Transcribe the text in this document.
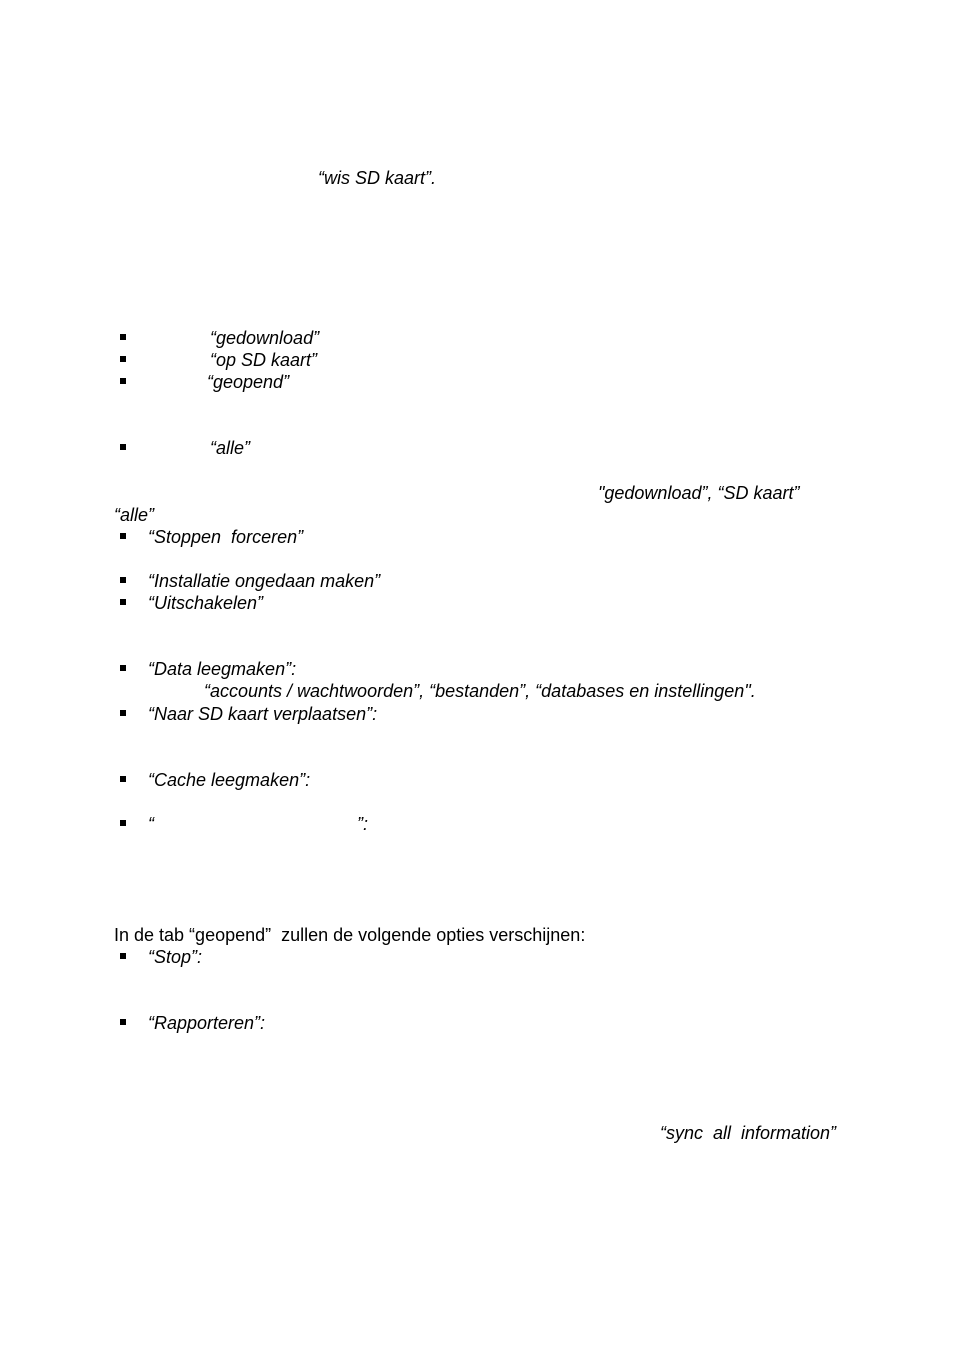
“wis SD kaart”.
“gedownload”
“op SD kaart”
“geopend”
“alle”
"gedownload”, “SD kaart”
“alle”
“Stoppen  forceren”
“Installatie ongedaan maken”
“Uitschakelen”
“Data leegmaken”:
“accounts / wachtwoorden”, “bestanden”, “databases en instellingen".
“Naar SD kaart verplaatsen”:
“Cache leegmaken”:
“	”:
In de tab “geopend”  zullen de volgende opties verschijnen:
“Stop”:
“Rapporteren”:
“sync  all  information”
